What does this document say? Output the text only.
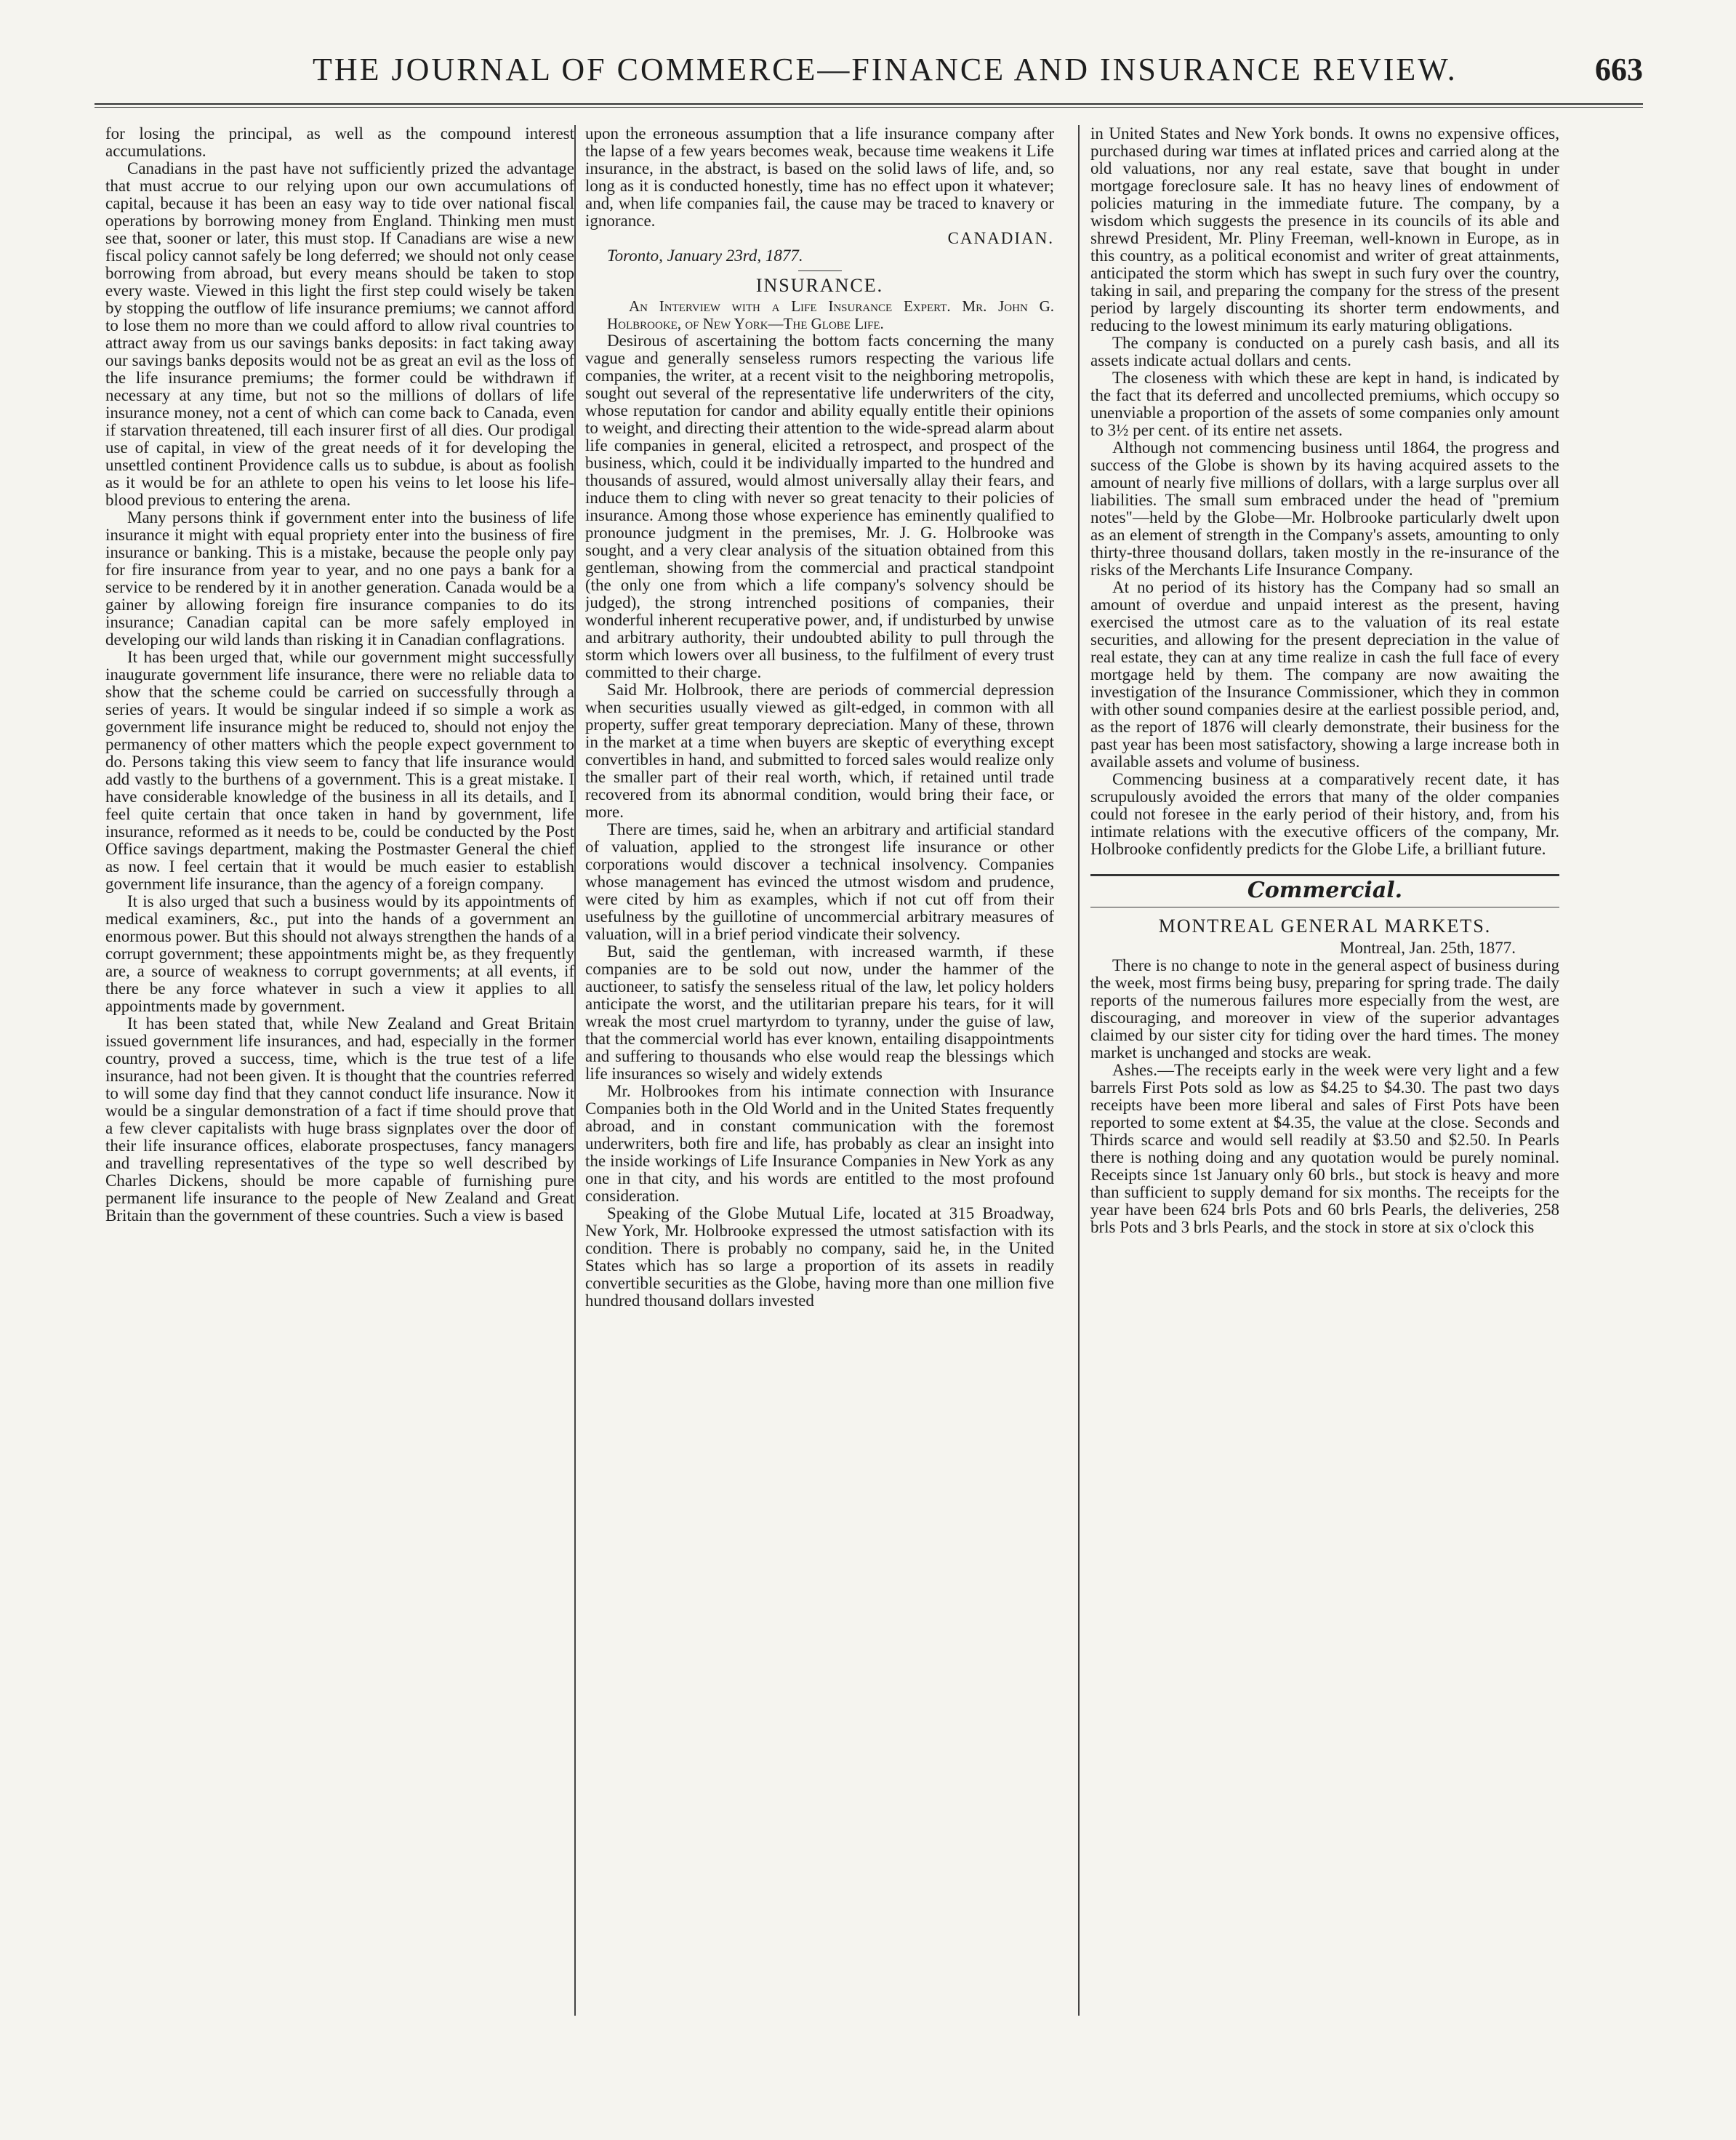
THE JOURNAL OF COMMERCE—FINANCE AND INSURANCE REVIEW.	663

for losing the principal, as well as the compound interest accumulations.

Canadians in the past have not sufficiently prized the advantage that must accrue to our relying upon our own accumulations of capital, because it has been an easy way to tide over national fiscal operations by borrowing money from England. Thinking men must see that, sooner or later, this must stop. If Canadians are wise a new fiscal policy cannot safely be long deferred; we should not only cease borrowing from abroad, but every means should be taken to stop every waste. Viewed in this light the first step could wisely be taken by stopping the outflow of life insurance premiums; we cannot afford to lose them no more than we could afford to allow rival countries to attract away from us our savings banks deposits: in fact taking away our savings banks deposits would not be as great an evil as the loss of the life insurance premiums; the former could be withdrawn if necessary at any time, but not so the millions of dollars of life insurance money, not a cent of which can come back to Canada, even if starvation threatened, till each insurer first of all dies. Our prodigal use of capital, in view of the great needs of it for developing the unsettled continent Providence calls us to subdue, is about as foolish as it would be for an athlete to open his veins to let loose his life-blood previous to entering the arena.

Many persons think if government enter into the business of life insurance it might with equal propriety enter into the business of fire insurance or banking. This is a mistake, because the people only pay for fire insurance from year to year, and no one pays a bank for a service to be rendered by it in another generation. Canada would be a gainer by allowing foreign fire insurance companies to do its insurance; Canadian capital can be more safely employed in developing our wild lands than risking it in Canadian conflagrations.

It has been urged that, while our government might successfully inaugurate government life insurance, there were no reliable data to show that the scheme could be carried on successfully through a series of years. It would be singular indeed if so simple a work as government life insurance might be reduced to, should not enjoy the permanency of other matters which the people expect government to do. Persons taking this view seem to fancy that life insurance would add vastly to the burthens of a government. This is a great mistake. I have considerable knowledge of the business in all its details, and I feel quite certain that once taken in hand by government, life insurance, reformed as it needs to be, could be conducted by the Post Office savings department, making the Postmaster General the chief as now. I feel certain that it would be much easier to establish government life insurance, than the agency of a foreign company.

It is also urged that such a business would by its appointments of medical examiners, &c., put into the hands of a government an enormous power. But this should not always strengthen the hands of a corrupt government; these appointments might be, as they frequently are, a source of weakness to corrupt governments; at all events, if there be any force whatever in such a view it applies to all appointments made by government.

It has been stated that, while New Zealand and Great Britain issued government life insurances, and had, especially in the former country, proved a success, time, which is the true test of a life insurance, had not been given. It is thought that the countries referred to will some day find that they cannot conduct life insurance. Now it would be a singular demonstration of a fact if time should prove that a few clever capitalists with huge brass signplates over the door of their life insurance offices, elaborate prospectuses, fancy managers and travelling representatives of the type so well described by Charles Dickens, should be more capable of furnishing pure permanent life insurance to the people of New Zealand and Great Britain than the government of these countries. Such a view is based

upon the erroneous assumption that a life insurance company after the lapse of a few years becomes weak, because time weakens it Life insurance, in the abstract, is based on the solid laws of life, and, so long as it is conducted honestly, time has no effect upon it whatever; and, when life companies fail, the cause may be traced to knavery or ignorance.

CANADIAN.

Toronto, January 23rd, 1877.

INSURANCE.

An Interview with a Life Insurance Expert. Mr. John G. Holbrooke, of New York—The Globe Life.

Desirous of ascertaining the bottom facts concerning the many vague and generally senseless rumors respecting the various life companies, the writer, at a recent visit to the neighboring metropolis, sought out several of the representative life underwriters of the city, whose reputation for candor and ability equally entitle their opinions to weight, and directing their attention to the wide-spread alarm about life companies in general, elicited a retrospect, and prospect of the business, which, could it be individually imparted to the hundred and thousands of assured, would almost universally allay their fears, and induce them to cling with never so great tenacity to their policies of insurance. Among those whose experience has eminently qualified to pronounce judgment in the premises, Mr. J. G. Holbrooke was sought, and a very clear analysis of the situation obtained from this gentleman, showing from the commercial and practical standpoint (the only one from which a life company's solvency should be judged), the strong intrenched positions of companies, their wonderful inherent recuperative power, and, if undisturbed by unwise and arbitrary authority, their undoubted ability to pull through the storm which lowers over all business, to the fulfilment of every trust committed to their charge.

Said Mr. Holbrook, there are periods of commercial depression when securities usually viewed as gilt-edged, in common with all property, suffer great temporary depreciation. Many of these, thrown in the market at a time when buyers are skeptic of everything except convertibles in hand, and submitted to forced sales would realize only the smaller part of their real worth, which, if retained until trade recovered from its abnormal condition, would bring their face, or more.

There are times, said he, when an arbitrary and artificial standard of valuation, applied to the strongest life insurance or other corporations would discover a technical insolvency. Companies whose management has evinced the utmost wisdom and prudence, were cited by him as examples, which if not cut off from their usefulness by the guillotine of uncommercial arbitrary measures of valuation, will in a brief period vindicate their solvency.

But, said the gentleman, with increased warmth, if these companies are to be sold out now, under the hammer of the auctioneer, to satisfy the senseless ritual of the law, let policy holders anticipate the worst, and the utilitarian prepare his tears, for it will wreak the most cruel martyrdom to tyranny, under the guise of law, that the commercial world has ever known, entailing disappointments and suffering to thousands who else would reap the blessings which life insurances so wisely and widely extends

Mr. Holbrookes from his intimate connection with Insurance Companies both in the Old World and in the United States frequently abroad, and in constant communication with the foremost underwriters, both fire and life, has probably as clear an insight into the inside workings of Life Insurance Companies in New York as any one in that city, and his words are entitled to the most profound consideration.

Speaking of the Globe Mutual Life, located at 315 Broadway, New York, Mr. Holbrooke expressed the utmost satisfaction with its condition. There is probably no company, said he, in the United States which has so large a proportion of its assets in readily convertible securities as the Globe, having more than one million five hundred thousand dollars invested

in United States and New York bonds. It owns no expensive offices, purchased during war times at inflated prices and carried along at the old valuations, nor any real estate, save that bought in under mortgage foreclosure sale. It has no heavy lines of endowment of policies maturing in the immediate future. The company, by a wisdom which suggests the presence in its councils of its able and shrewd President, Mr. Pliny Freeman, well-known in Europe, as in this country, as a political economist and writer of great attainments, anticipated the storm which has swept in such fury over the country, taking in sail, and preparing the company for the stress of the present period by largely discounting its shorter term endowments, and reducing to the lowest minimum its early maturing obligations.

The company is conducted on a purely cash basis, and all its assets indicate actual dollars and cents.

The closeness with which these are kept in hand, is indicated by the fact that its deferred and uncollected premiums, which occupy so unenviable a proportion of the assets of some companies only amount to 3½ per cent. of its entire net assets.

Although not commencing business until 1864, the progress and success of the Globe is shown by its having acquired assets to the amount of nearly five millions of dollars, with a large surplus over all liabilities. The small sum embraced under the head of "premium notes"—held by the Globe—Mr. Holbrooke particularly dwelt upon as an element of strength in the Company's assets, amounting to only thirty-three thousand dollars, taken mostly in the re-insurance of the risks of the Merchants Life Insurance Company.

At no period of its history has the Company had so small an amount of overdue and unpaid interest as the present, having exercised the utmost care as to the valuation of its real estate securities, and allowing for the present depreciation in the value of real estate, they can at any time realize in cash the full face of every mortgage held by them. The company are now awaiting the investigation of the Insurance Commissioner, which they in common with other sound companies desire at the earliest possible period, and, as the report of 1876 will clearly demonstrate, their business for the past year has been most satisfactory, showing a large increase both in available assets and volume of business.

Commencing business at a comparatively recent date, it has scrupulously avoided the errors that many of the older companies could not foresee in the early period of their history, and, from his intimate relations with the executive officers of the company, Mr. Holbrooke confidently predicts for the Globe Life, a brilliant future.

Commercial.
MONTREAL GENERAL MARKETS.
Montreal, Jan. 25th, 1877.

There is no change to note in the general aspect of business during the week, most firms being busy, preparing for spring trade. The daily reports of the numerous failures more especially from the west, are discouraging, and moreover in view of the superior advantages claimed by our sister city for tiding over the hard times. The money market is unchanged and stocks are weak.

Ashes.—The receipts early in the week were very light and a few barrels First Pots sold as low as $4.25 to $4.30. The past two days receipts have been more liberal and sales of First Pots have been reported to some extent at $4.35, the value at the close. Seconds and Thirds scarce and would sell readily at $3.50 and $2.50. In Pearls there is nothing doing and any quotation would be purely nominal. Receipts since 1st January only 60 brls., but stock is heavy and more than sufficient to supply demand for six months. The receipts for the year have been 624 brls Pots and 60 brls Pearls, the deliveries, 258 brls Pots and 3 brls Pearls, and the stock in store at six o'clock this
